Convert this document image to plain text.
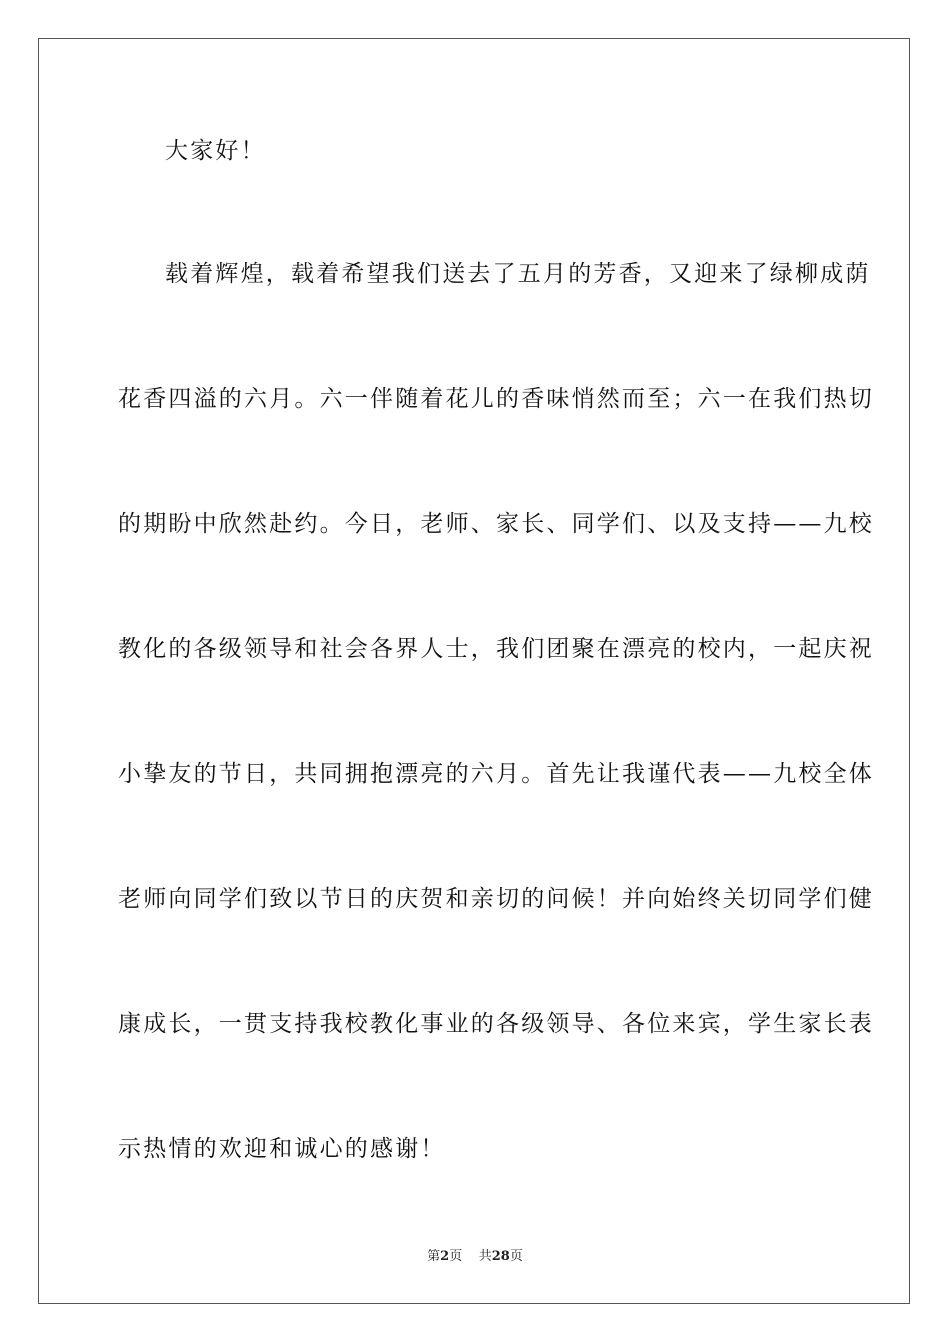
大家好！
载着辉煌，载着希望我们送去了五月的芳香，又迎来了绿柳成荫
花香四溢的六月。六一伴随着花儿的香味悄然而至；六一在我们热切
的期盼中欣然赴约。今日，老师、家长、同学们、以及支持——九校
教化的各级领导和社会各界人士，我们团聚在漂亮的校内，一起庆祝
小挚友的节日，共同拥抱漂亮的六月。首先让我谨代表——九校全体
老师向同学们致以节日的庆贺和亲切的问候！并向始终关切同学们健
康成长，一贯支持我校教化事业的各级领导、各位来宾，学生家长表
示热情的欢迎和诚心的感谢！
第2页 共28页
